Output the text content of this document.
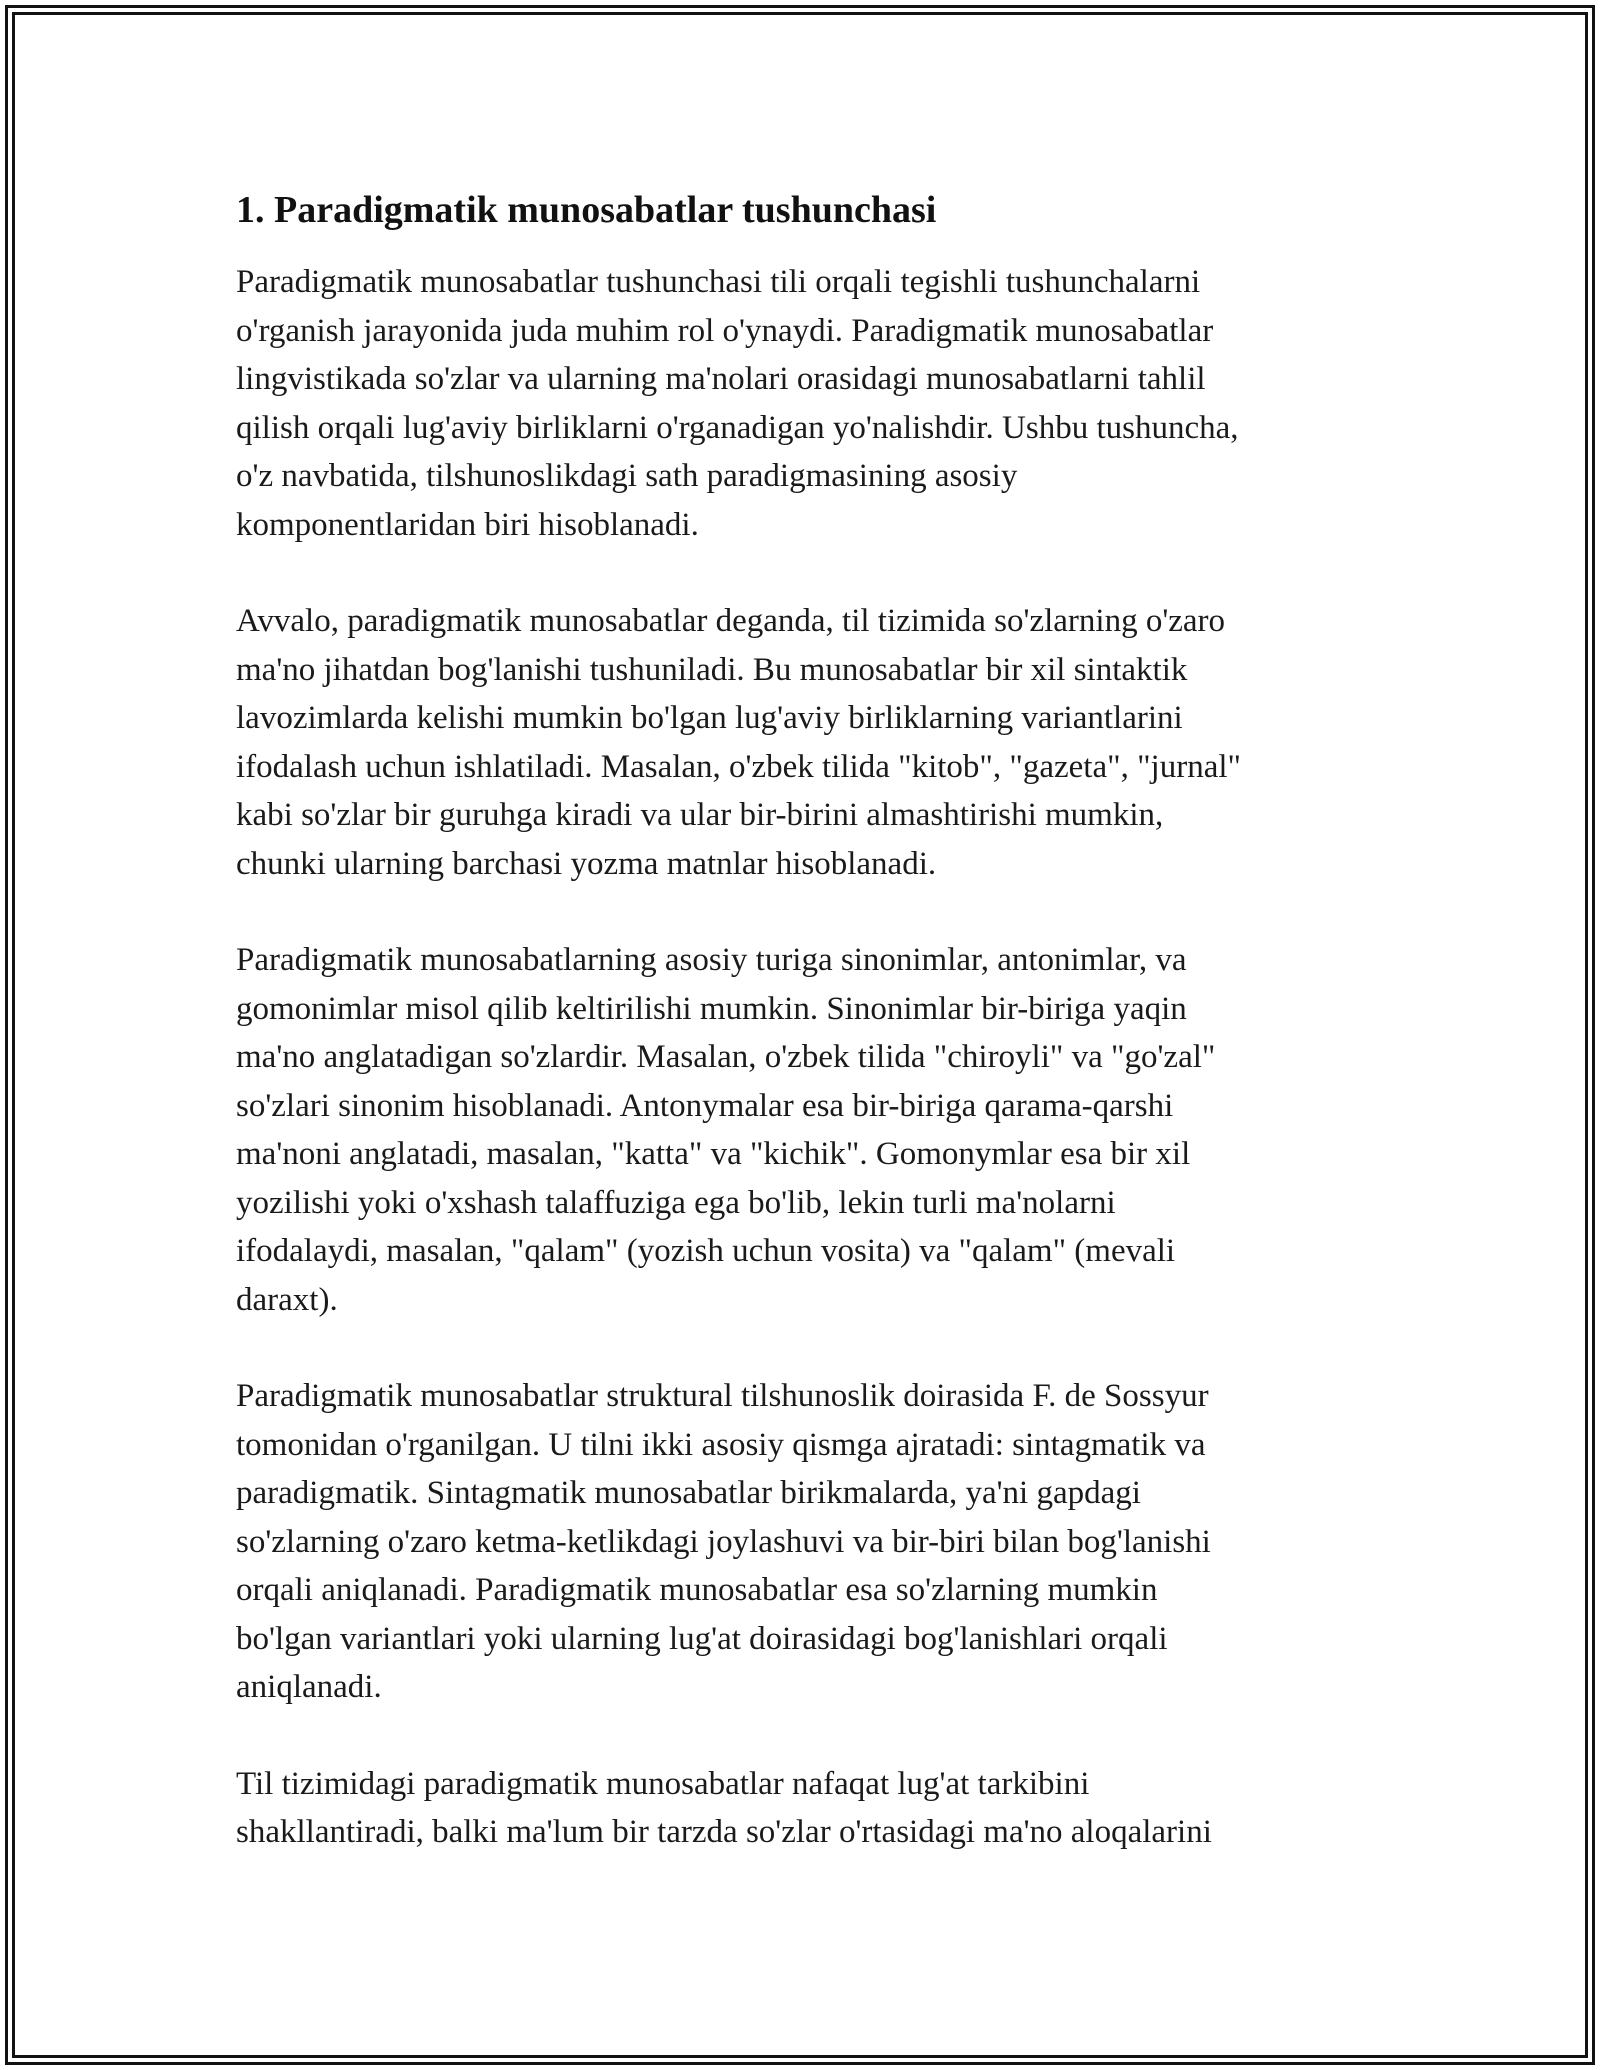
1. Paradigmatik munosabatlar tushunchasi

Paradigmatik munosabatlar tushunchasi tili orqali tegishli tushunchalarni
o'rganish jarayonida juda muhim rol o'ynaydi. Paradigmatik munosabatlar
lingvistikada so'zlar va ularning ma'nolari orasidagi munosabatlarni tahlil
qilish orqali lug'aviy birliklarni o'rganadigan yo'nalishdir. Ushbu tushuncha,
o'z navbatida, tilshunoslikdagi sath paradigmasining asosiy
komponentlaridan biri hisoblanadi.

Avvalo, paradigmatik munosabatlar deganda, til tizimida so'zlarning o'zaro
ma'no jihatdan bog'lanishi tushuniladi. Bu munosabatlar bir xil sintaktik
lavozimlarda kelishi mumkin bo'lgan lug'aviy birliklarning variantlarini
ifodalash uchun ishlatiladi. Masalan, o'zbek tilida "kitob", "gazeta", "jurnal"
kabi so'zlar bir guruhga kiradi va ular bir-birini almashtirishi mumkin,
chunki ularning barchasi yozma matnlar hisoblanadi.

Paradigmatik munosabatlarning asosiy turiga sinonimlar, antonimlar, va
gomonimlar misol qilib keltirilishi mumkin. Sinonimlar bir-biriga yaqin
ma'no anglatadigan so'zlardir. Masalan, o'zbek tilida "chiroyli" va "go'zal"
so'zlari sinonim hisoblanadi. Antonymalar esa bir-biriga qarama-qarshi
ma'noni anglatadi, masalan, "katta" va "kichik". Gomonymlar esa bir xil
yozilishi yoki o'xshash talaffuziga ega bo'lib, lekin turli ma'nolarni
ifodalaydi, masalan, "qalam" (yozish uchun vosita) va "qalam" (mevali
daraxt).

Paradigmatik munosabatlar struktural tilshunoslik doirasida F. de Sossyur
tomonidan o'rganilgan. U tilni ikki asosiy qismga ajratadi: sintagmatik va
paradigmatik. Sintagmatik munosabatlar birikmalarda, ya'ni gapdagi
so'zlarning o'zaro ketma-ketlikdagi joylashuvi va bir-biri bilan bog'lanishi
orqali aniqlanadi. Paradigmatik munosabatlar esa so'zlarning mumkin
bo'lgan variantlari yoki ularning lug'at doirasidagi bog'lanishlari orqali
aniqlanadi.

Til tizimidagi paradigmatik munosabatlar nafaqat lug'at tarkibini
shakllantiradi, balki ma'lum bir tarzda so'zlar o'rtasidagi ma'no aloqalarini
